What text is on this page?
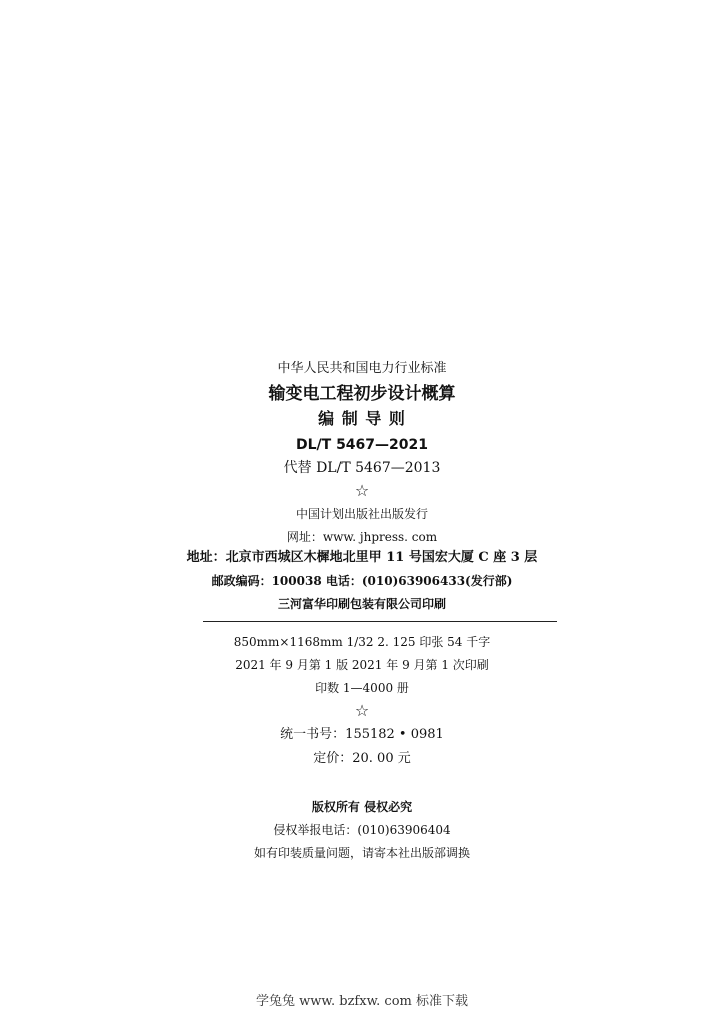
中华人民共和国电力行业标准
输变电工程初步设计概算
编 制 导 则
DL/T 5467—2021
代替 DL/T 5467—2013
☆
中国计划出版社出版发行
网址：www. jhpress. com
地址：北京市西城区木樨地北里甲 11 号国宏大厦 C 座 3 层
邮政编码：100038 电话：(010)63906433(发行部)
三河富华印刷包装有限公司印刷
850mm×1168mm 1/32 2. 125 印张 54 千字
2021 年 9 月第 1 版 2021 年 9 月第 1 次印刷
印数 1—4000 册
☆
统一书号：155182 • 0981
定价：20. 00 元
版权所有 侵权必究
侵权举报电话：(010)63906404
如有印装质量问题，请寄本社出版部调换
学兔兔 www. bzfxw. com 标准下载
